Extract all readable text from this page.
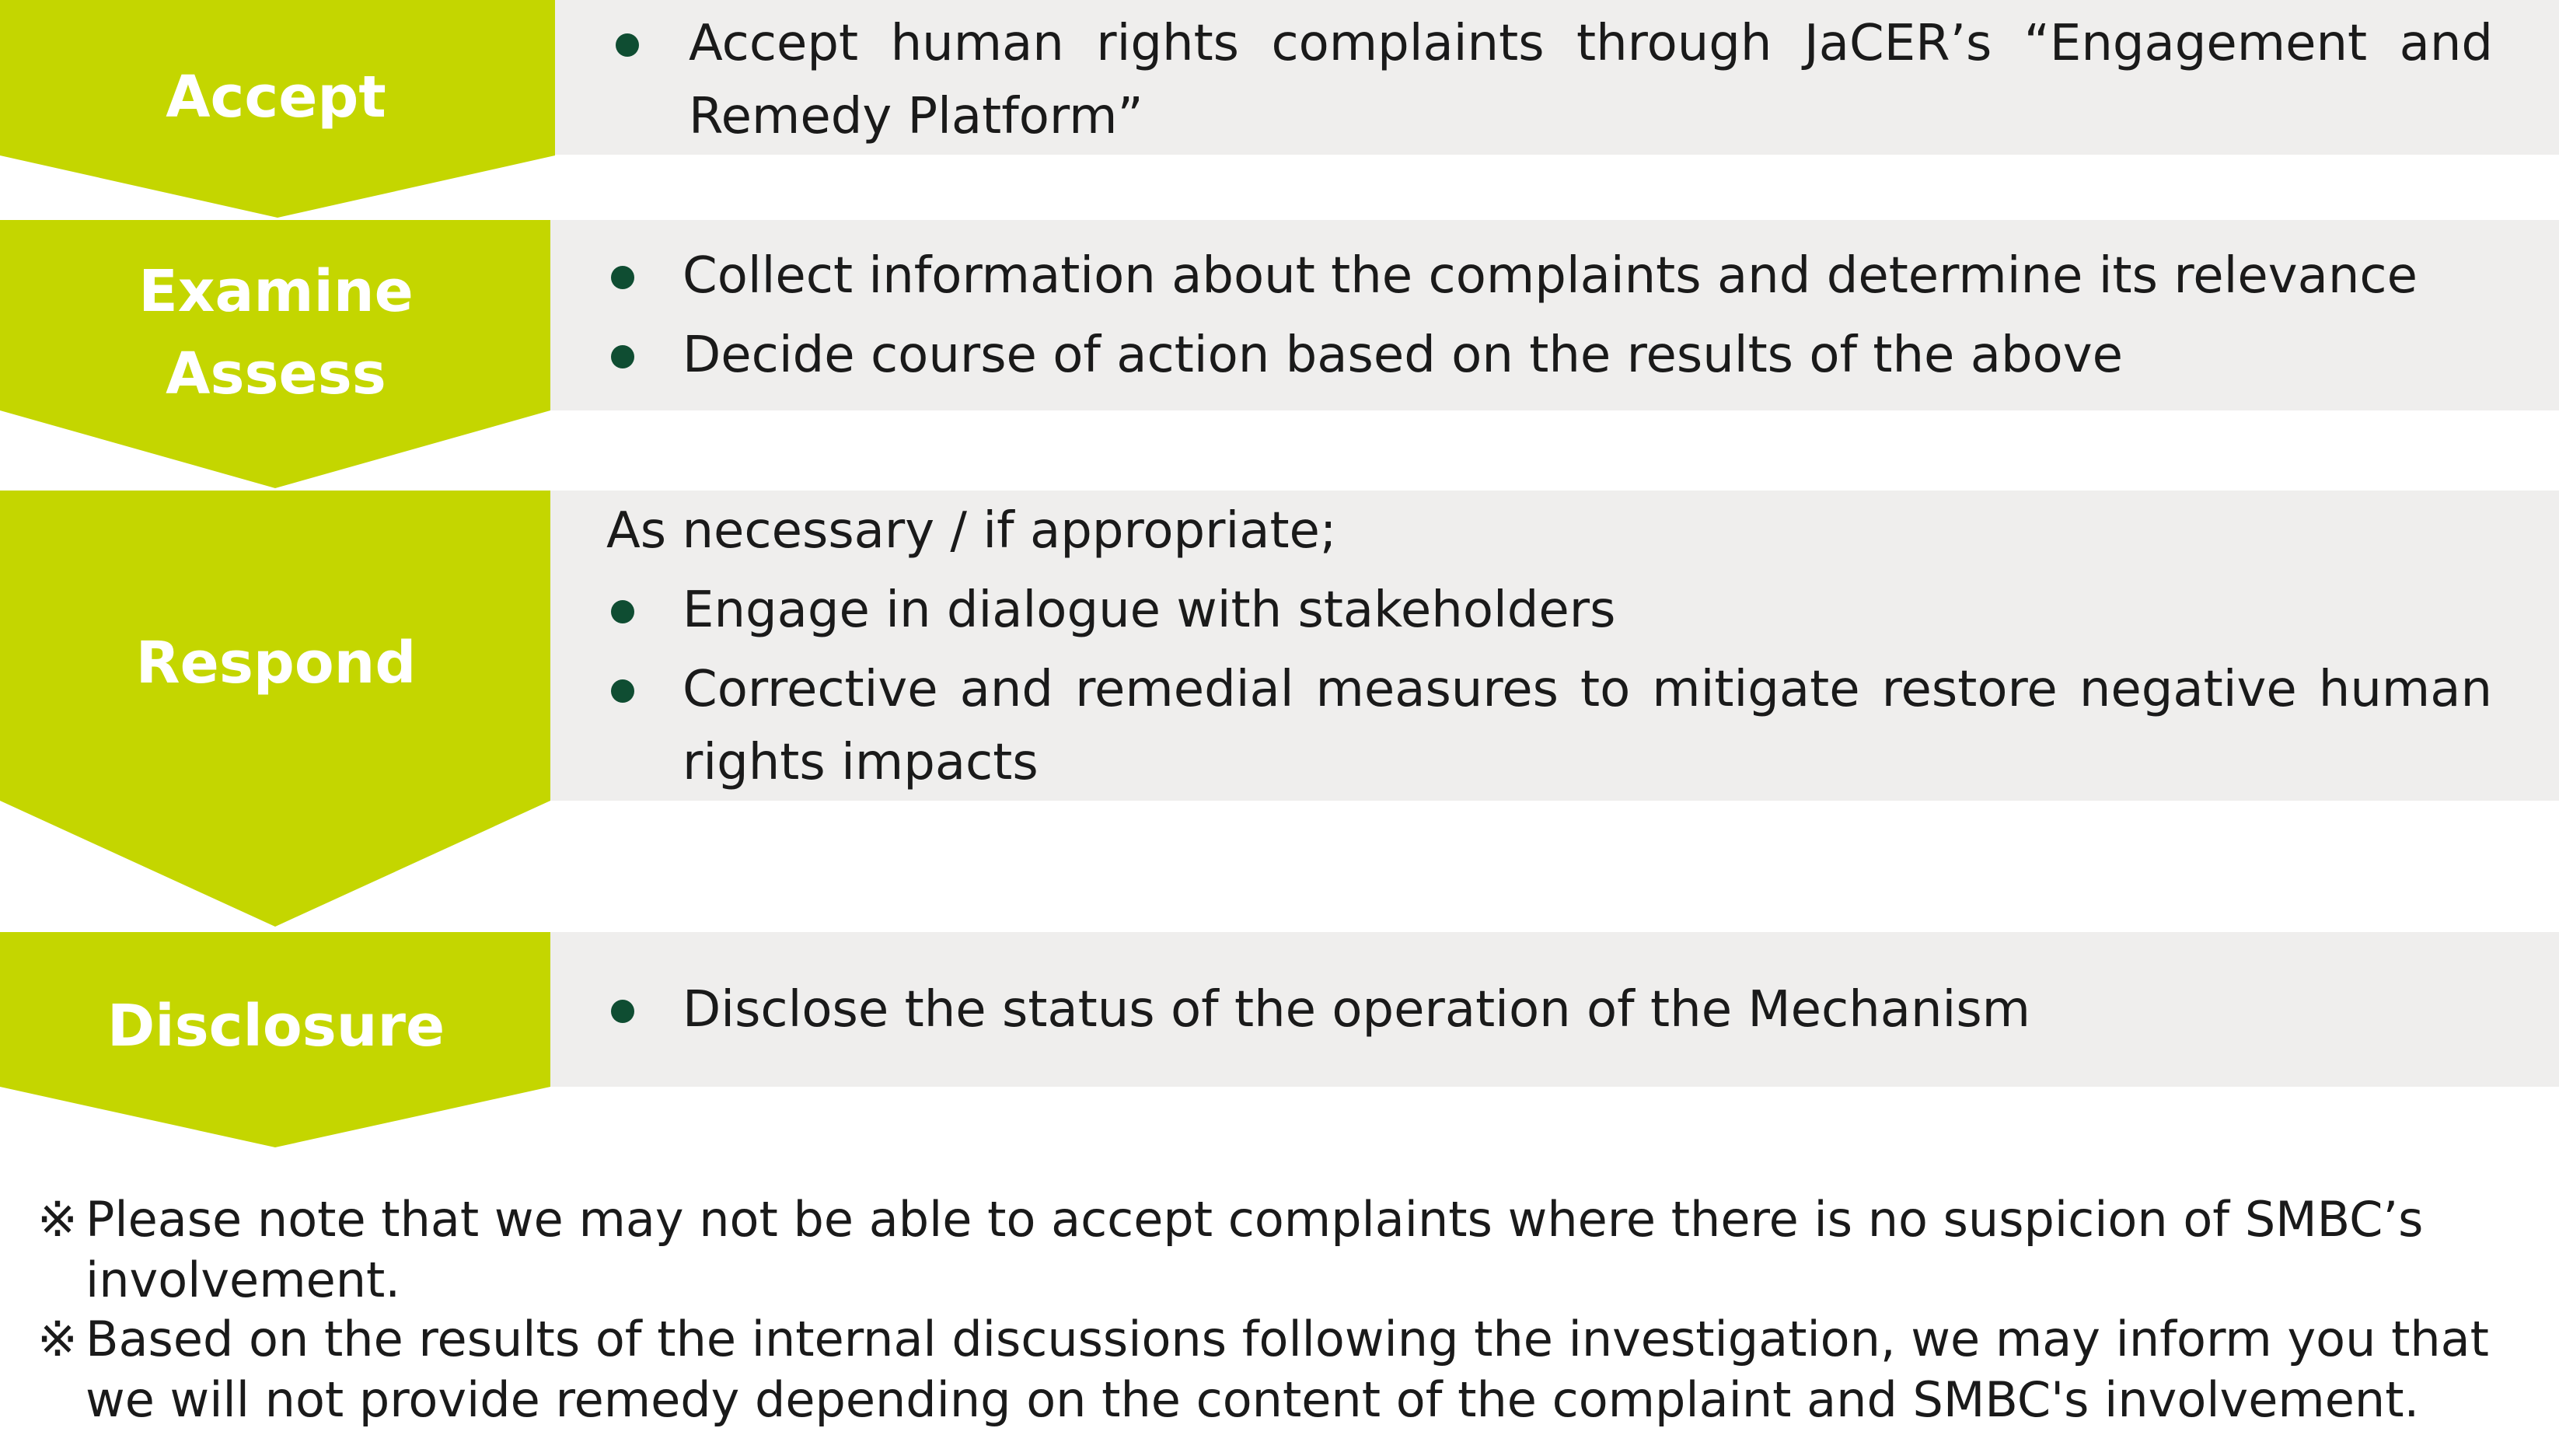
Accept
Examine
Assess
Respond
Disclosure
Accept human rights complaints through JaCER’s “Engagement and Remedy Platform”
Collect information about the complaints and determine its relevance
Decide course of action based on the results of the above
As necessary / if appropriate;
Engage in dialogue with stakeholders
Corrective and remedial measures to mitigate restore negative human rights impacts
Disclose the status of the operation of the Mechanism
※ Please note that we may not be able to accept complaints where there is no suspicion of SMBC’s involvement.
※ Based on the results of the internal discussions following the investigation, we may inform you that we will not provide remedy depending on the content of the complaint and SMBC's involvement.
